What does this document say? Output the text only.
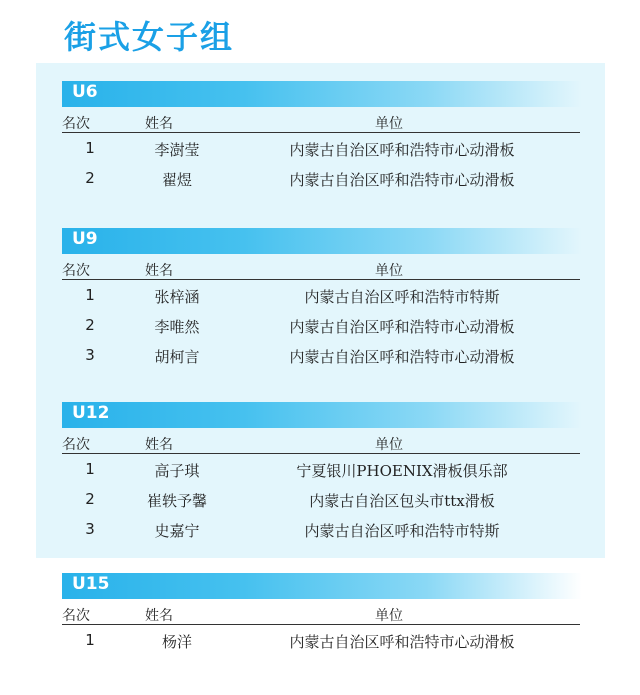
街式女子组
U6
名次	姓名	单位
1	李澍莹	内蒙古自治区呼和浩特市心动滑板
2	翟煜	内蒙古自治区呼和浩特市心动滑板
U9
名次	姓名	单位
1	张梓涵	内蒙古自治区呼和浩特市特斯
2	李唯然	内蒙古自治区呼和浩特市心动滑板
3	胡柯言	内蒙古自治区呼和浩特市心动滑板
U12
名次	姓名	单位
1	高子琪	宁夏银川PHOENIX滑板俱乐部
2	崔轶予馨	内蒙古自治区包头市ttx滑板
3	史嘉宁	内蒙古自治区呼和浩特市特斯
U15
名次	姓名	单位
1	杨洋	内蒙古自治区呼和浩特市心动滑板
